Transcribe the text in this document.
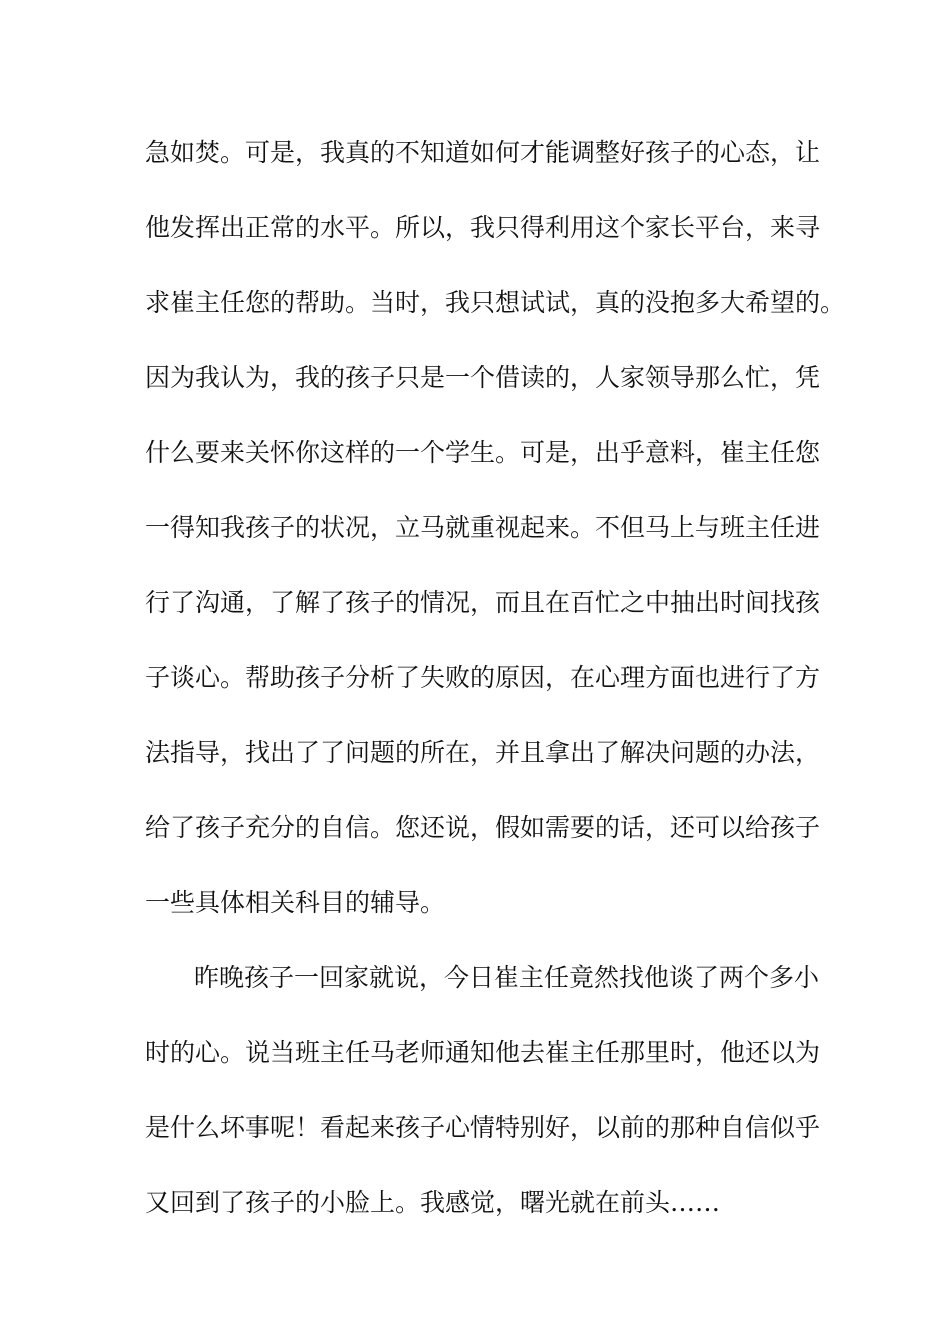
急如焚。可是，我真的不知道如何才能调整好孩子的心态，让
他发挥出正常的水平。所以，我只得利用这个家长平台，来寻
求崔主任您的帮助。当时，我只想试试，真的没抱多大希望的。
因为我认为，我的孩子只是一个借读的，人家领导那么忙，凭
什么要来关怀你这样的一个学生。可是，出乎意料，崔主任您
一得知我孩子的状况，立马就重视起来。不但马上与班主任进
行了沟通，了解了孩子的情况，而且在百忙之中抽出时间找孩
子谈心。帮助孩子分析了失败的原因，在心理方面也进行了方
法指导，找出了了问题的所在，并且拿出了解决问题的办法，
给了孩子充分的自信。您还说，假如需要的话，还可以给孩子
一些具体相关科目的辅导。
昨晚孩子一回家就说，今日崔主任竟然找他谈了两个多小
时的心。说当班主任马老师通知他去崔主任那里时，他还以为
是什么坏事呢！看起来孩子心情特别好，以前的那种自信似乎
又回到了孩子的小脸上。我感觉，曙光就在前头……
